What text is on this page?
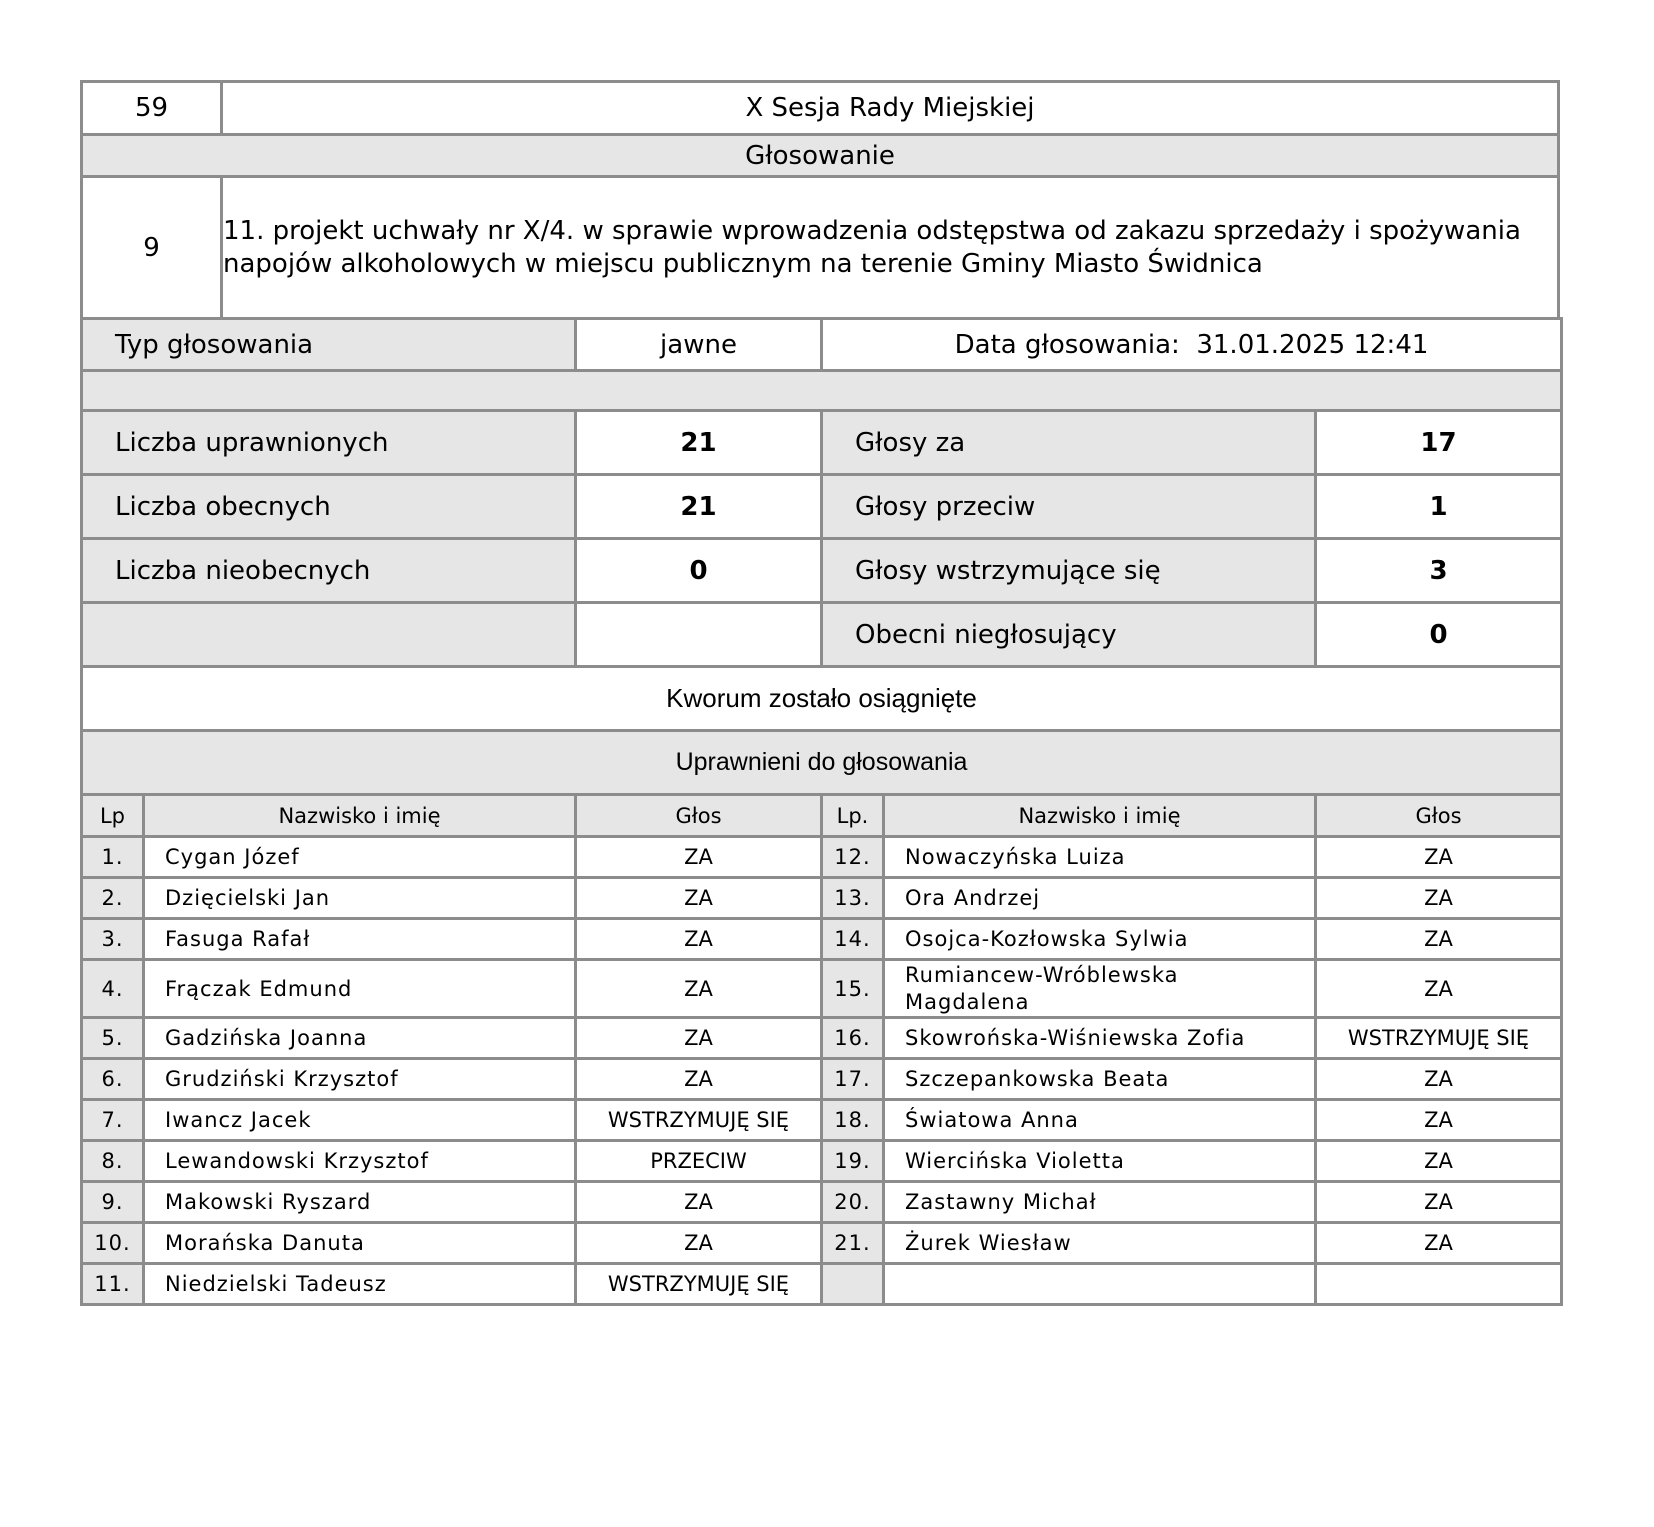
59	X Sesja Rady Miejskiej
Głosowanie	
9	11. projekt uchwały nr X/4. w sprawie wprowadzenia odstępstwa od zakazu sprzedaży i spożywania napojów alkoholowych w miejscu publicznym na terenie Gminy Miasto Świdnica
Typ głosowania	jawne	Data głosowania: 31.01.2025 12:41	

Liczba uprawnionych	21	Głosy za	17
Liczba obecnych	21	Głosy przeciw	1
Liczba nieobecnych	0	Głosy wstrzymujące się	3
		Obecni niegłosujący	0
Kworum zostało osiągnięte			
Uprawnieni do głosowania			
Lp	Nazwisko i imię	Głos	Lp.	Nazwisko i imię	Głos
1.	Cygan Józef	ZA	12.	Nowaczyńska Luiza	ZA
2.	Dzięcielski Jan	ZA	13.	Ora Andrzej	ZA
3.	Fasuga Rafał	ZA	14.	Osojca-Kozłowska Sylwia	ZA
4.	Frączak Edmund	ZA	15.	Rumiancew-Wróblewska Magdalena	ZA
5.	Gadzińska Joanna	ZA	16.	Skowrońska-Wiśniewska Zofia	WSTRZYMUJĘ SIĘ
6.	Grudziński Krzysztof	ZA	17.	Szczepankowska Beata	ZA
7.	Iwancz Jacek	WSTRZYMUJĘ SIĘ	18.	Światowa Anna	ZA
8.	Lewandowski Krzysztof	PRZECIW	19.	Wiercińska Violetta	ZA
9.	Makowski Ryszard	ZA	20.	Zastawny Michał	ZA
10.	Morańska Danuta	ZA	21.	Żurek Wiesław	ZA
11.	Niedzielski Tadeusz	WSTRZYMUJĘ SIĘ			
